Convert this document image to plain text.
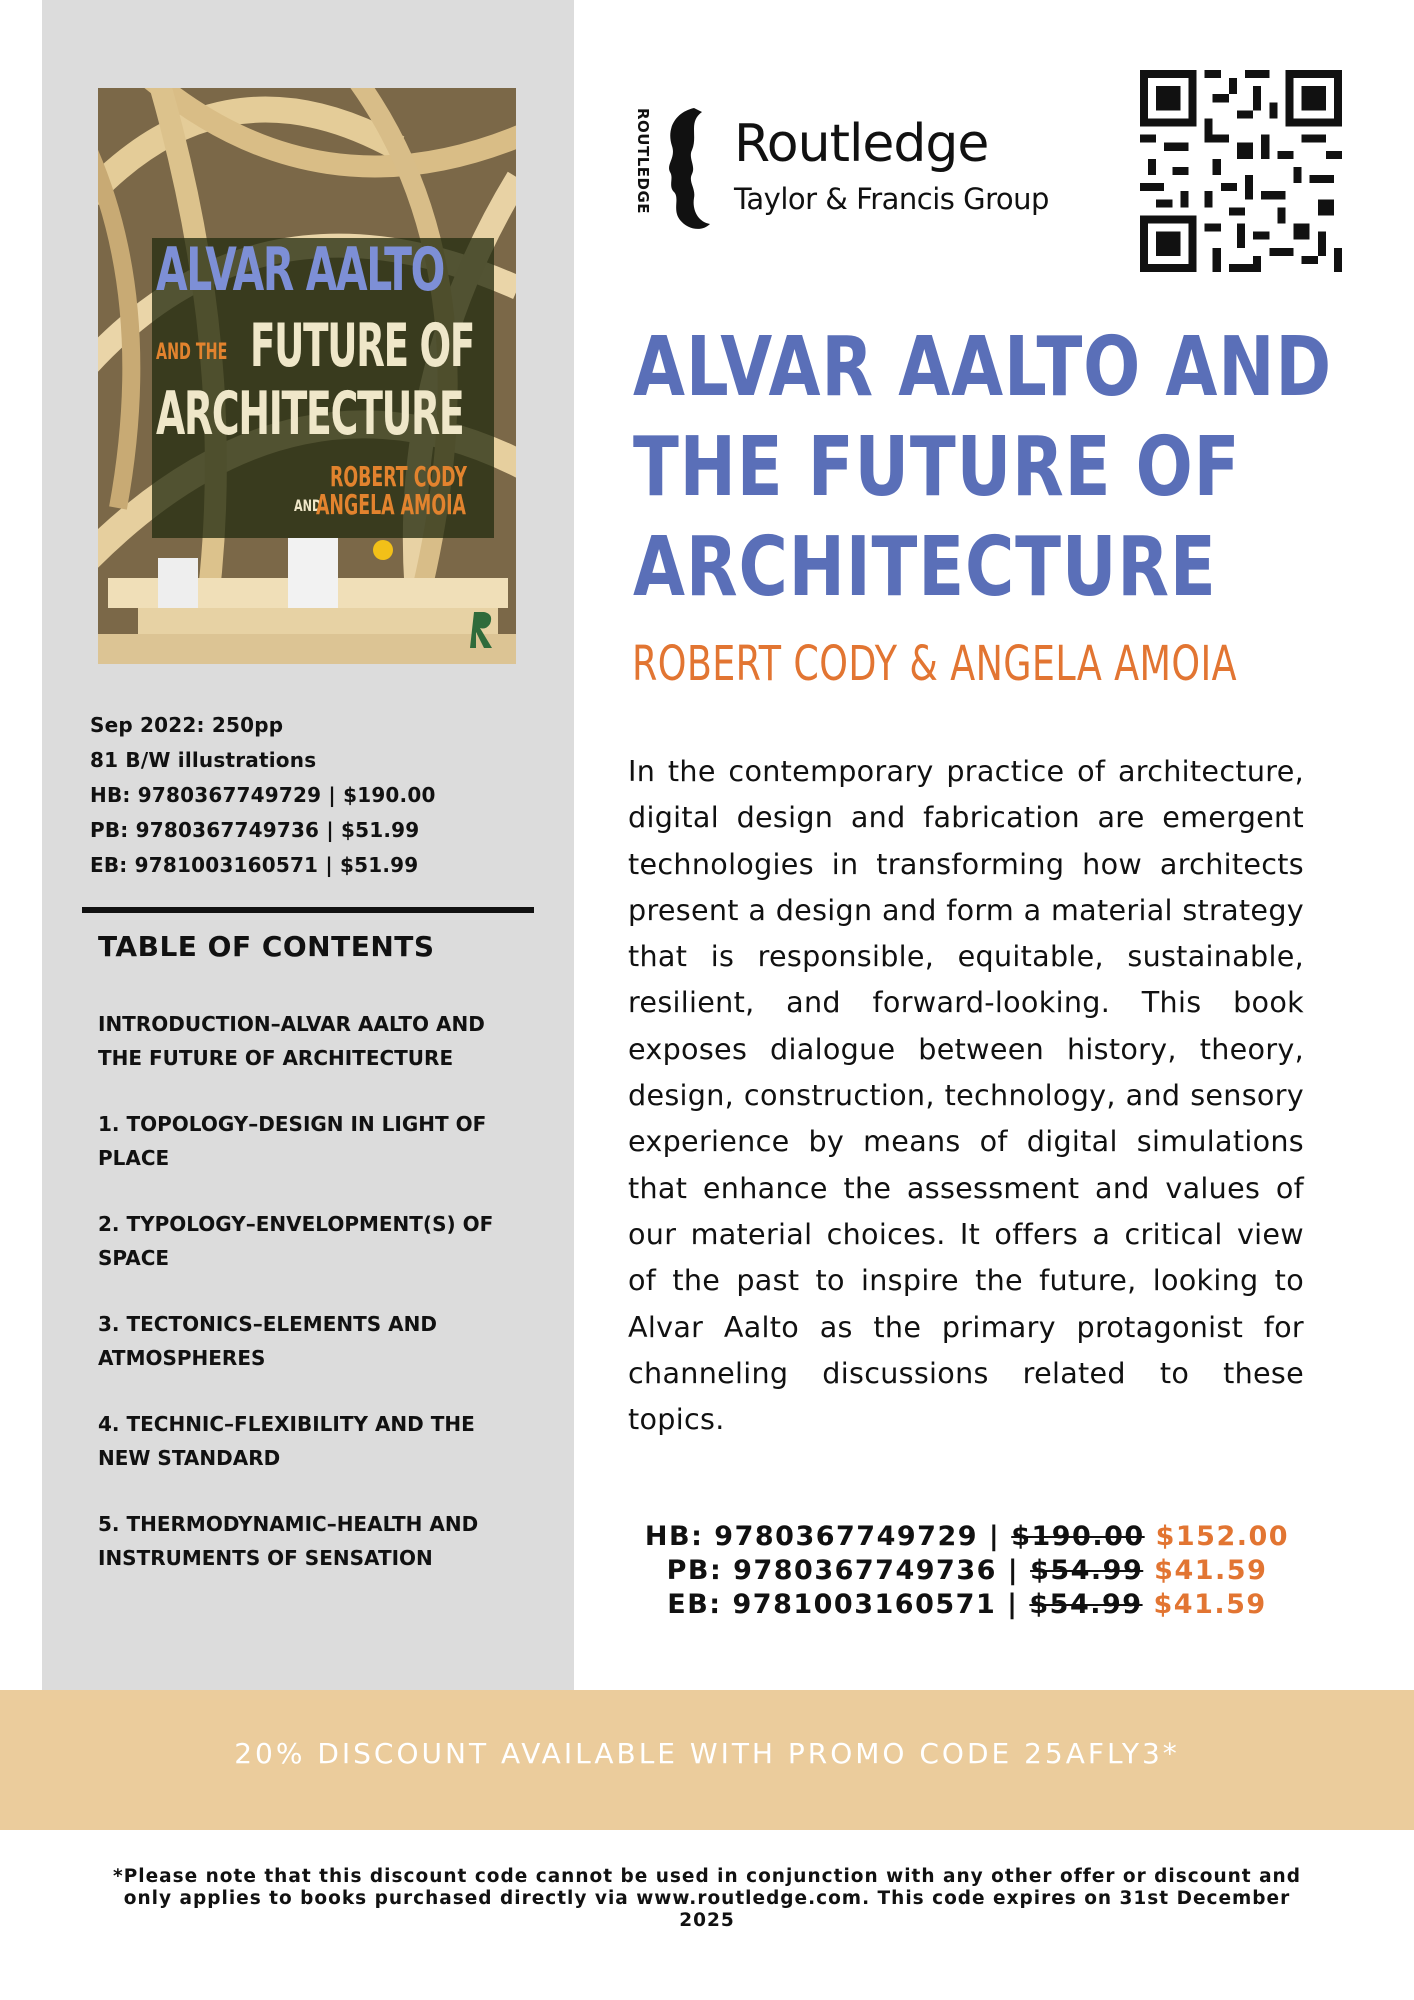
ALVAR AALTO
AND THE FUTURE OF
ARCHITECTURE
ROBERT CODY
AND
ANGELA AMOIA
Sep 2022: 250pp
81 B/W illustrations
HB: 9780367749729 | $190.00
PB: 9780367749736 | $51.99
EB: 9781003160571 | $51.99
TABLE OF CONTENTS
INTRODUCTION–ALVAR AALTO AND THE FUTURE OF ARCHITECTURE
1. TOPOLOGY–DESIGN IN LIGHT OF PLACE
2. TYPOLOGY–ENVELOPMENT(S) OF SPACE
3. TECTONICS–ELEMENTS AND ATMOSPHERES
4. TECHNIC–FLEXIBILITY AND THE NEW STANDARD
5. THERMODYNAMIC–HEALTH AND INSTRUMENTS OF SENSATION
ROUTLEDGE Routledge
Taylor & Francis Group
ALVAR AALTO AND
THE FUTURE OF
ARCHITECTURE
ROBERT CODY & ANGELA AMOIA

In the contemporary practice of architecture, digital design and fabrication are emergent technologies in transforming how architects present a design and form a material strategy that is responsible, equitable, sustainable, resilient, and forward-looking. This book exposes dialogue between history, theory, design, construction, technology, and sensory experience by means of digital simulations that enhance the assessment and values of our material choices. It offers a critical view of the past to inspire the future, looking to Alvar Aalto as the primary protagonist for channeling discussions related to these topics.

HB: 9780367749729 | $190.00 $152.00
PB: 9780367749736 | $54.99 $41.59
EB: 9781003160571 | $54.99 $41.59
20% DISCOUNT AVAILABLE WITH PROMO CODE 25AFLY3*

*Please note that this discount code cannot be used in conjunction with any other offer or discount and only applies to books purchased directly via www.routledge.com. This code expires on 31st December 2025
